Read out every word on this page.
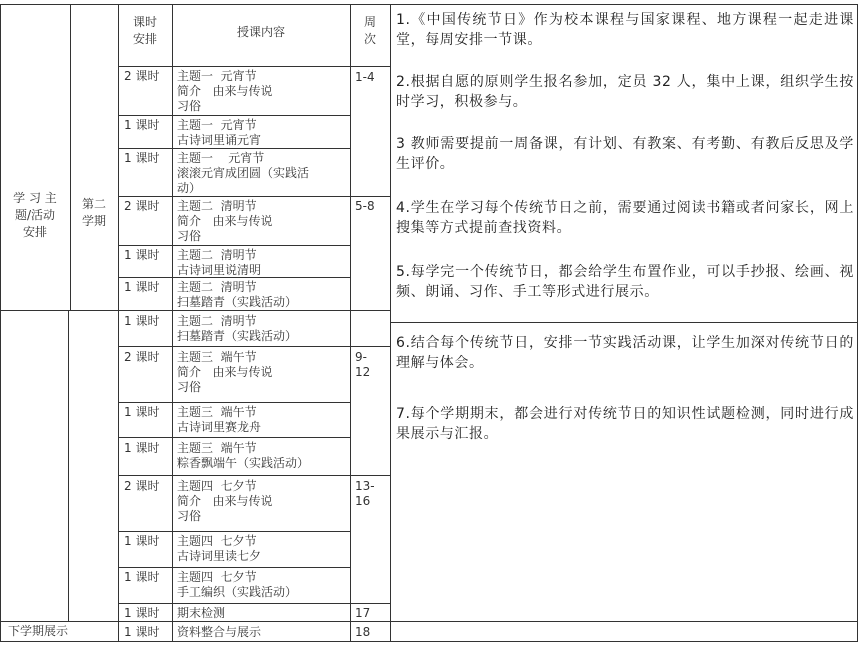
课时
安排	授课内容
周
次
学 习 主
题/活动
安排
第二
学期
下学期展示
2 课时 主题一  元宵节
简介   由来与传说
习俗
1 课时 主题一  元宵节
古诗词里诵元宵
1 课时 主题一    元宵节
滚滚元宵成团圆（实践活
动）
2 课时 主题二  清明节
简介   由来与传说
习俗
1 课时 主题二  清明节
古诗词里说清明
1 课时 主题二  清明节
扫墓踏青（实践活动）
1 课时 主题二  清明节
扫墓踏青（实践活动）
2 课时 主题三  端午节
简介   由来与传说
习俗
1 课时 主题三  端午节
古诗词里赛龙舟
1 课时 主题三  端午节
粽香飘端午（实践活动）
2 课时 主题四  七夕节
简介   由来与传说
习俗
1 课时 主题四  七夕节
古诗词里读七夕
1 课时 主题四  七夕节
手工编织（实践活动）
1 课时 期末检测
1 课时 资料整合与展示
1-4
5-8
9-
12
13-
16
17
18
1.《中国传统节日》作为校本课程与国家课程、地方课程一起走进课堂，每周安排一节课。
2.根据自愿的原则学生报名参加，定员 32 人，集中上课，组织学生按时学习，积极参与。
3 教师需要提前一周备课，有计划、有教案、有考勤、有教后反思及学生评价。
4.学生在学习每个传统节日之前，需要通过阅读书籍或者问家长，网上搜集等方式提前查找资料。
5.每学完一个传统节日，都会给学生布置作业，可以手抄报、绘画、视频、朗诵、习作、手工等形式进行展示。
6.结合每个传统节日，安排一节实践活动课，让学生加深对传统节日的理解与体会。
7.每个学期期末，都会进行对传统节日的知识性试题检测，同时进行成果展示与汇报。
